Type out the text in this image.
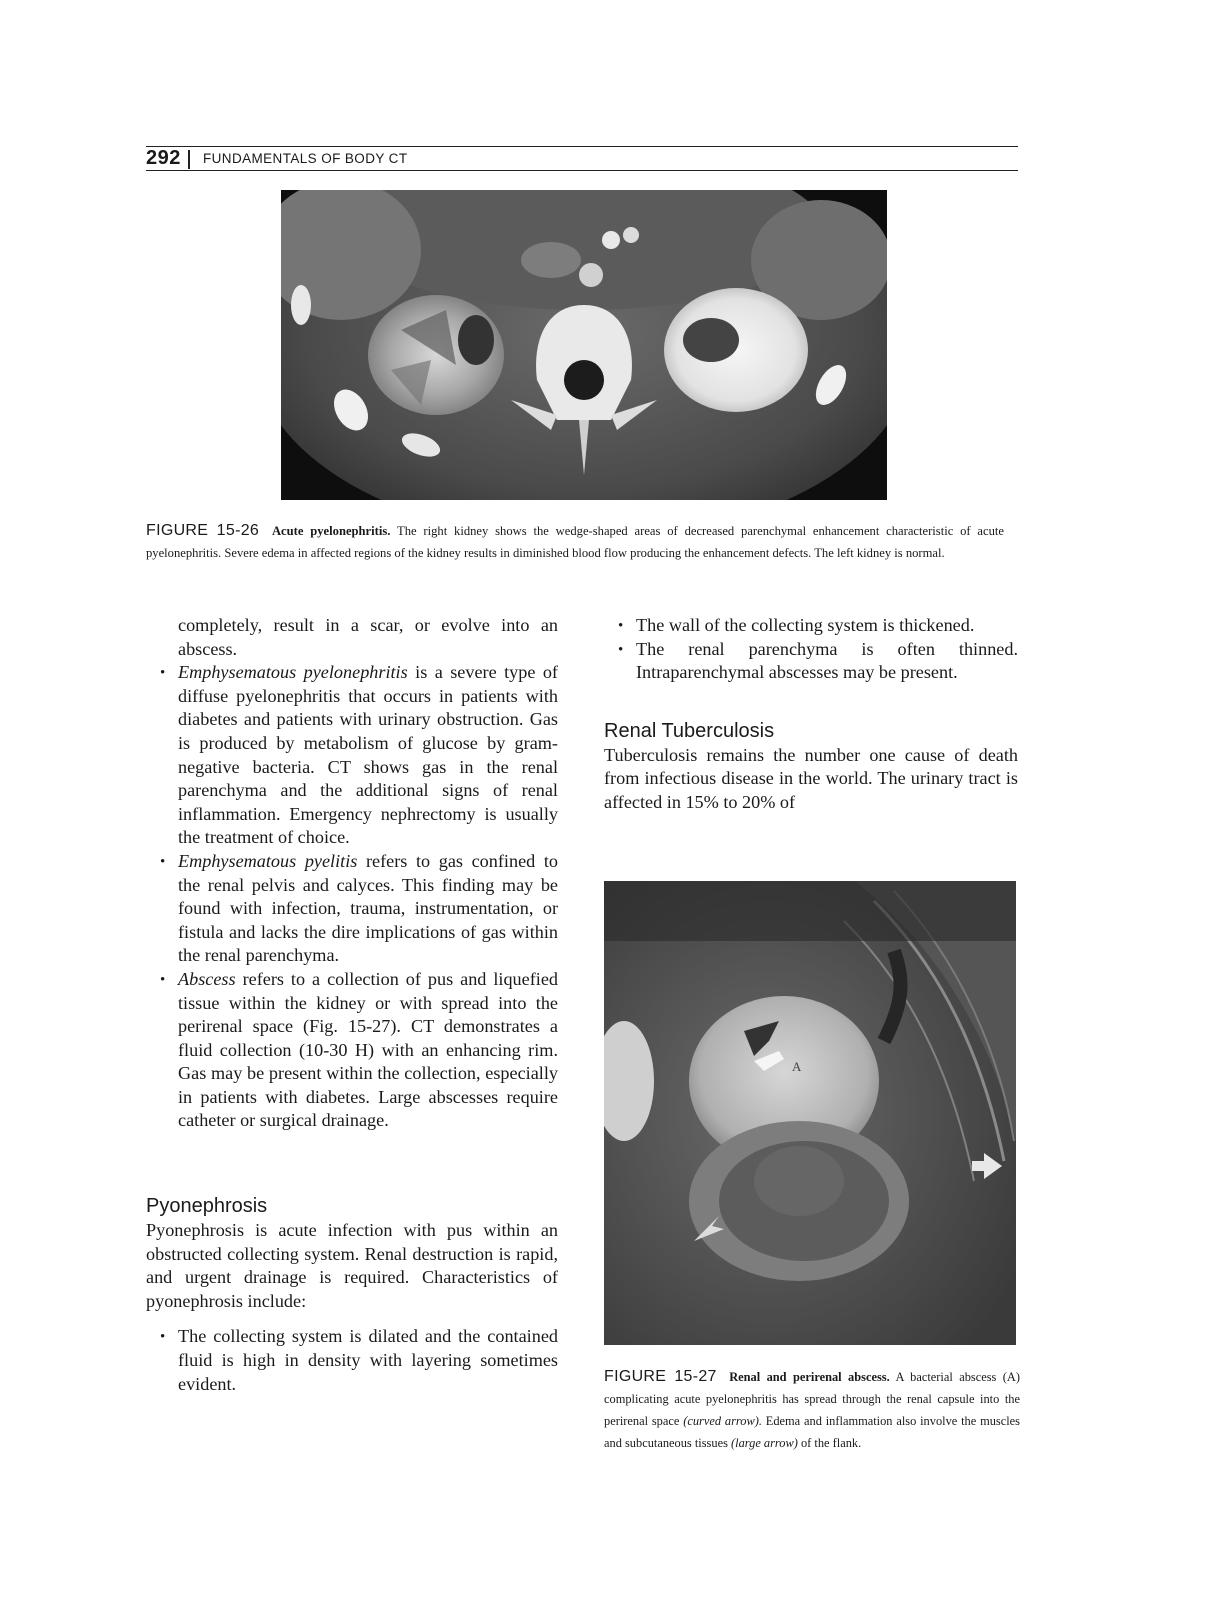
292 FUNDAMENTALS OF BODY CT
FIGURE 15-26 Acute pyelonephritis. The right kidney shows the wedge-shaped areas of decreased parenchymal enhancement characteristic of acute pyelonephritis. Severe edema in affected regions of the kidney results in diminished blood flow producing the enhancement defects. The left kidney is normal.

completely, result in a scar, or evolve into an abscess.

• Emphysematous pyelonephritis is a severe type of diffuse pyelonephritis that occurs in patients with diabetes and patients with urinary obstruction. Gas is produced by metabolism of glucose by gram-negative bacteria. CT shows gas in the renal parenchyma and the additional signs of renal inflammation. Emergency nephrectomy is usually the treatment of choice.
• Emphysematous pyelitis refers to gas confined to the renal pelvis and calyces. This finding may be found with infection, trauma, instrumentation, or fistula and lacks the dire implications of gas within the renal parenchyma.
• Abscess refers to a collection of pus and liquefied tissue within the kidney or with spread into the perirenal space (Fig. 15-27). CT demonstrates a fluid collection (10-30 H) with an enhancing rim. Gas may be present within the collection, especially in patients with diabetes. Large abscesses require catheter or surgical drainage.
Pyonephrosis

Pyonephrosis is acute infection with pus within an obstructed collecting system. Renal destruction is rapid, and urgent drainage is required. Characteristics of pyonephrosis include:

• The collecting system is dilated and the contained fluid is high in density with layering sometimes evident.
• The wall of the collecting system is thickened.
• The renal parenchyma is often thinned. Intraparenchymal abscesses may be present.
Renal Tuberculosis

Tuberculosis remains the number one cause of death from infectious disease in the world. The urinary tract is affected in 15% to 20% of

A
FIGURE 15-27 Renal and perirenal abscess. A bacterial abscess (A) complicating acute pyelonephritis has spread through the renal capsule into the perirenal space (curved arrow). Edema and inflammation also involve the muscles and subcutaneous tissues (large arrow) of the flank.
